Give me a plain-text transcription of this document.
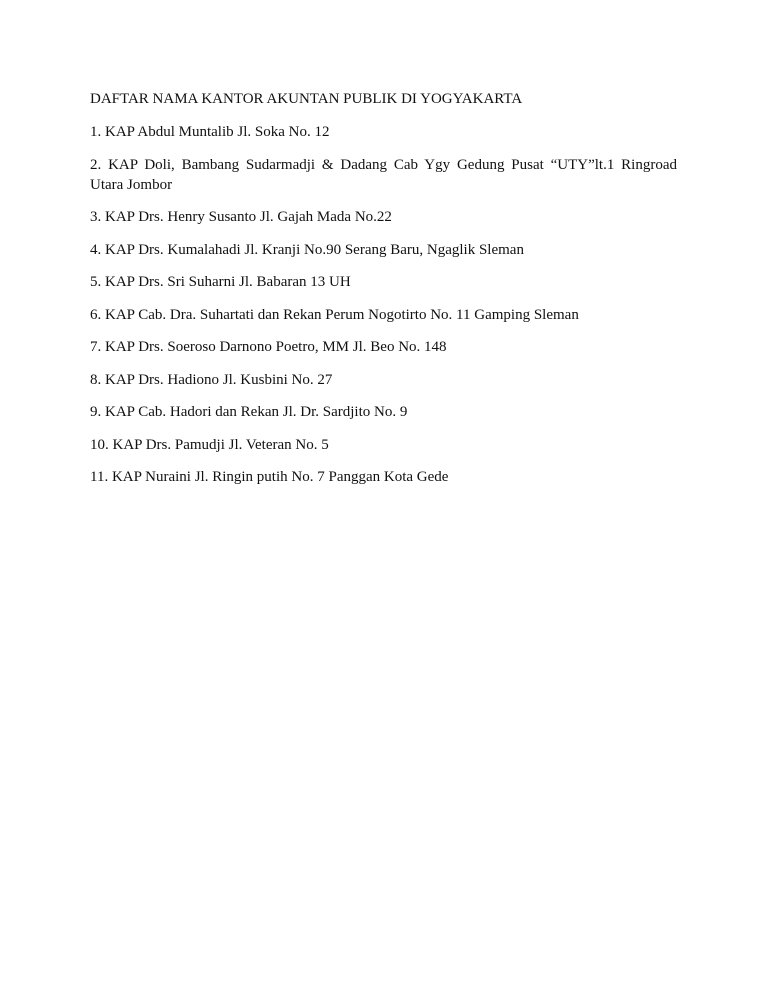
DAFTAR NAMA KANTOR AKUNTAN PUBLIK DI YOGYAKARTA

1. KAP Abdul Muntalib Jl. Soka No. 12

2. KAP Doli, Bambang Sudarmadji & Dadang Cab Ygy Gedung Pusat “UTY”lt.1 Ringroad Utara Jombor

3. KAP Drs. Henry Susanto Jl. Gajah Mada No.22

4. KAP Drs. Kumalahadi Jl. Kranji No.90 Serang Baru, Ngaglik Sleman

5. KAP Drs. Sri Suharni Jl. Babaran 13 UH

6. KAP Cab. Dra. Suhartati dan Rekan Perum Nogotirto No. 11 Gamping Sleman

7. KAP Drs. Soeroso Darnono Poetro, MM Jl. Beo No. 148

8. KAP Drs. Hadiono Jl. Kusbini No. 27

9. KAP Cab. Hadori dan Rekan Jl. Dr. Sardjito No. 9

10. KAP Drs. Pamudji Jl. Veteran No. 5

11. KAP Nuraini Jl. Ringin putih No. 7 Panggan Kota Gede
